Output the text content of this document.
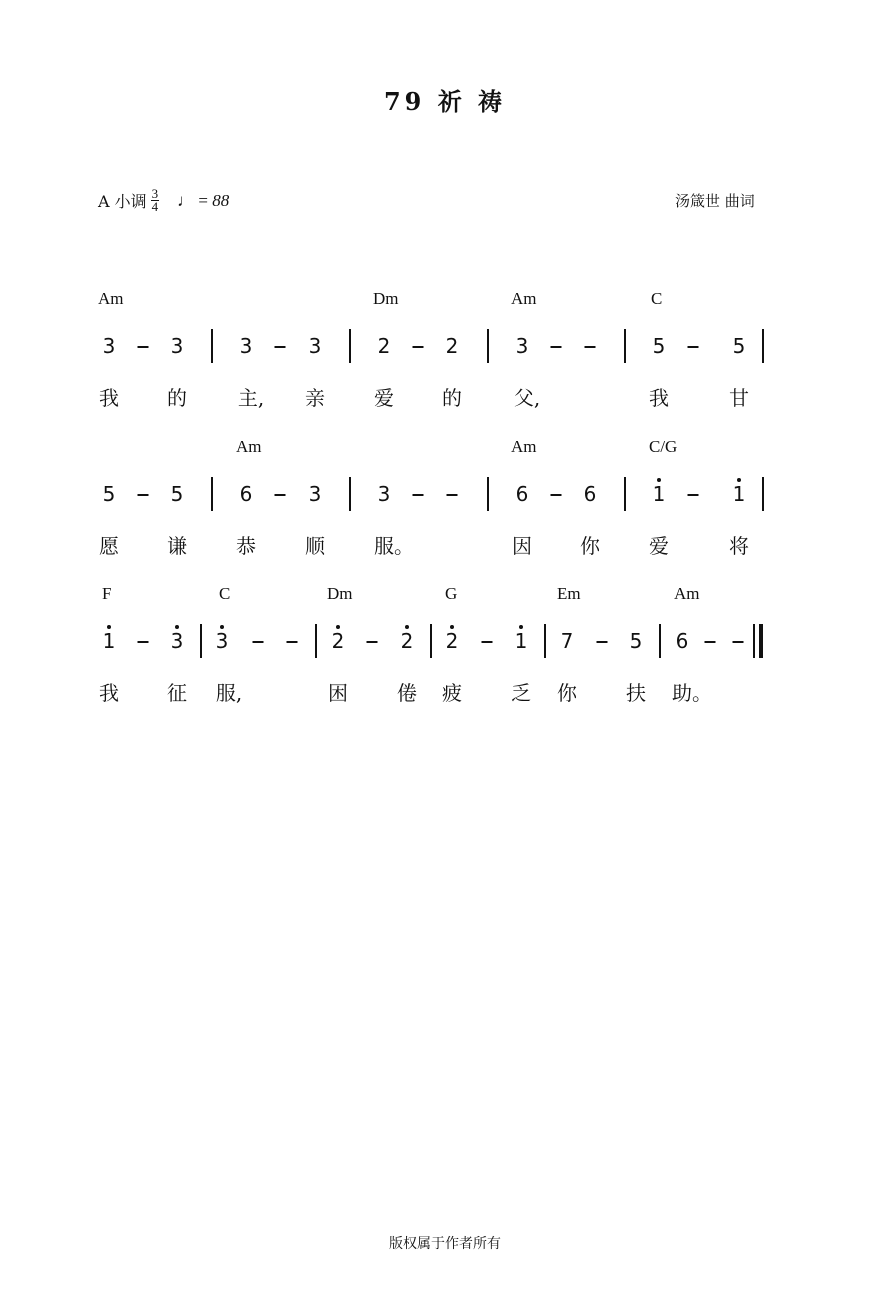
79 祈 祷
A 小调 $\frac{3}{4}$ ♩ = 88	汤箴世 曲词
Am	Dm	Am	C
3	3	3	3	2	2	3	5	5
我 的	主, 亲 爱 的	父,	我	甘
Am	Am	C/G
5	5	6	3	3	6	6	1	1
愿 谦 恭 顺 服。	因 你 爱	将
F	C	Dm	G	Em	Am
1	3 3	2	2 2	1 7	5 6
我 征 服,	困 倦 疲 乏 你 扶 助。
版权属于作者所有
